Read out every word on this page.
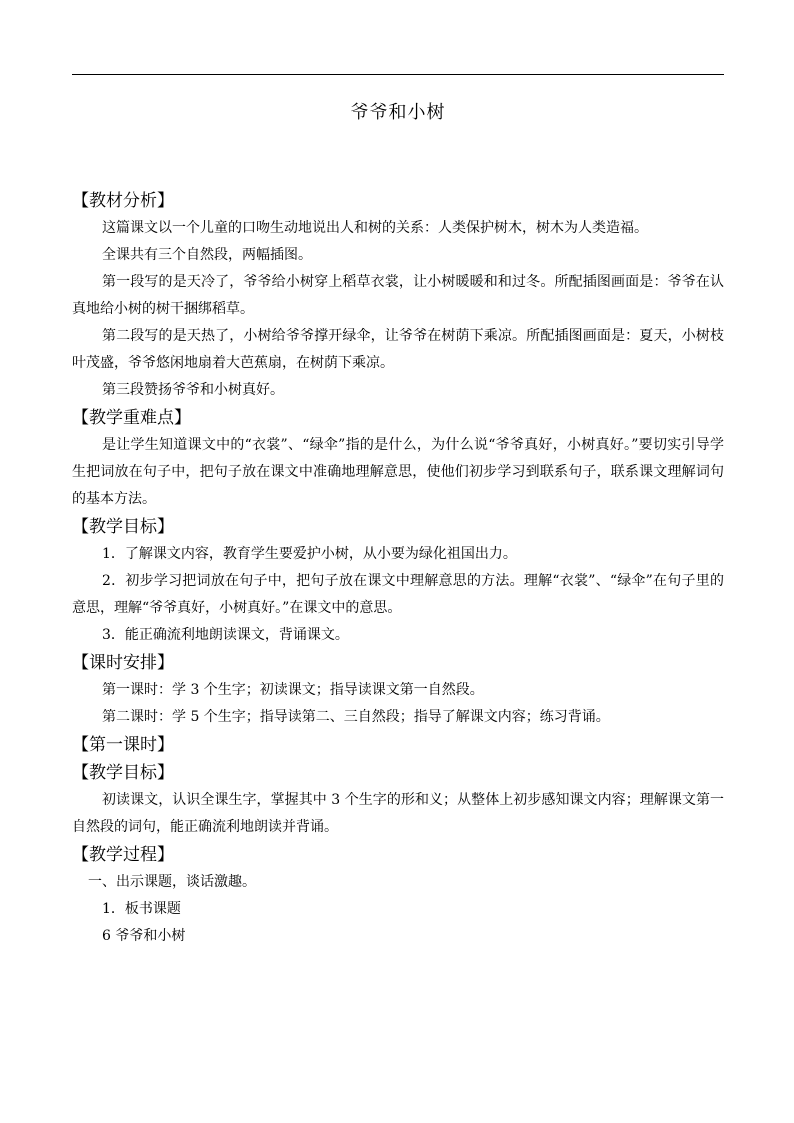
爷爷和小树
【教材分析】

这篇课文以一个儿童的口吻生动地说出人和树的关系：人类保护树木，树木为人类造福。

全课共有三个自然段，两幅插图。

第一段写的是天冷了，爷爷给小树穿上稻草衣裳，让小树暖暖和和过冬。所配插图画面是：爷爷在认真地给小树的树干捆绑稻草。

第二段写的是天热了，小树给爷爷撑开绿伞，让爷爷在树荫下乘凉。所配插图画面是：夏天，小树枝叶茂盛，爷爷悠闲地扇着大芭蕉扇，在树荫下乘凉。

第三段赞扬爷爷和小树真好。

【教学重难点】

是让学生知道课文中的“衣裳”、“绿伞”指的是什么，为什么说“爷爷真好，小树真好。”要切实引导学生把词放在句子中，把句子放在课文中准确地理解意思，使他们初步学习到联系句子，联系课文理解词句的基本方法。

【教学目标】

1．了解课文内容，教育学生要爱护小树，从小要为绿化祖国出力。

2．初步学习把词放在句子中，把句子放在课文中理解意思的方法。理解“衣裳”、“绿伞”在句子里的意思，理解“爷爷真好，小树真好。”在课文中的意思。

3．能正确流利地朗读课文，背诵课文。

【课时安排】

第一课时：学 3 个生字；初读课文；指导读课文第一自然段。

第二课时：学 5 个生字；指导读第二、三自然段；指导了解课文内容；练习背诵。

【第一课时】
【教学目标】

初读课文，认识全课生字，掌握其中 3 个生字的形和义；从整体上初步感知课文内容；理解课文第一自然段的词句，能正确流利地朗读并背诵。

【教学过程】
一、出示课题，谈话激趣。
1．板书课题
6 爷爷和小树
